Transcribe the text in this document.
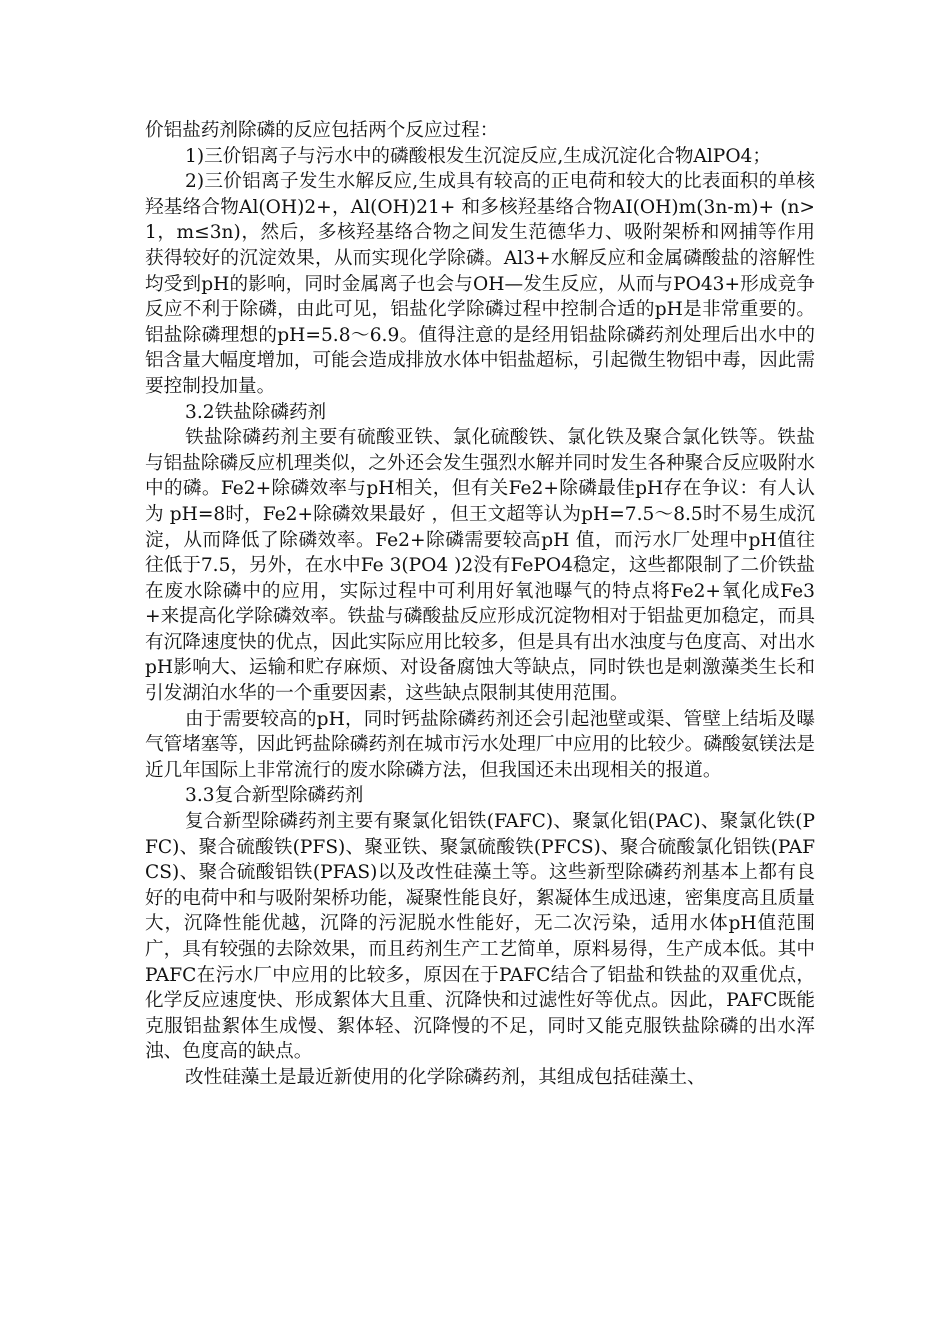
价铝盐药剂除磷的反应包括两个反应过程：

1)三价铝离子与污水中的磷酸根发生沉淀反应,生成沉淀化合物AlPO4；

2)三价铝离子发生水解反应,生成具有较高的正电荷和较大的比表面积的单核羟基络合物Al(OH)2+，Al(OH)21+ 和多核羟基络合物AI(OH)m(3n-m)+ (n>1，m≤3n)，然后，多核羟基络合物之间发生范德华力、吸附架桥和网捕等作用获得较好的沉淀效果，从而实现化学除磷。Al3+水解反应和金属磷酸盐的溶解性均受到pH的影响，同时金属离子也会与OH—发生反应，从而与PO43+形成竞争反应不利于除磷，由此可见，铝盐化学除磷过程中控制合适的pH是非常重要的。铝盐除磷理想的pH=5.8～6.9。值得注意的是经用铝盐除磷药剂处理后出水中的铝含量大幅度增加，可能会造成排放水体中铝盐超标，引起微生物铝中毒，因此需要控制投加量。

3.2铁盐除磷药剂

铁盐除磷药剂主要有硫酸亚铁、氯化硫酸铁、氯化铁及聚合氯化铁等。铁盐与铝盐除磷反应机理类似，之外还会发生强烈水解并同时发生各种聚合反应吸附水中的磷。Fe2+除磷效率与pH相关，但有关Fe2+除磷最佳pH存在争议：有人认为 pH=8时，Fe2+除磷效果最好 ，但王文超等认为pH=7.5～8.5时不易生成沉淀，从而降低了除磷效率。Fe2+除磷需要较高pH 值，而污水厂处理中pH值往往低于7.5，另外，在水中Fe 3(PO4 )2没有FePO4稳定，这些都限制了二价铁盐在废水除磷中的应用，实际过程中可利用好氧池曝气的特点将Fe2+氧化成Fe3+来提高化学除磷效率。铁盐与磷酸盐反应形成沉淀物相对于铝盐更加稳定，而具有沉降速度快的优点，因此实际应用比较多，但是具有出水浊度与色度高、对出水pH影响大、运输和贮存麻烦、对设备腐蚀大等缺点，同时铁也是刺激藻类生长和引发湖泊水华的一个重要因素，这些缺点限制其使用范围。

由于需要较高的pH，同时钙盐除磷药剂还会引起池壁或渠、管壁上结垢及曝气管堵塞等，因此钙盐除磷药剂在城市污水处理厂中应用的比较少。磷酸氨镁法是近几年国际上非常流行的废水除磷方法，但我国还未出现相关的报道。

3.3复合新型除磷药剂

复合新型除磷药剂主要有聚氯化铝铁(FAFC)、聚氯化铝(PAC)、聚氯化铁(PFC)、聚合硫酸铁(PFS)、聚亚铁、聚氯硫酸铁(PFCS)、聚合硫酸氯化铝铁(PAFCS)、聚合硫酸铝铁(PFAS)以及改性硅藻土等。这些新型除磷药剂基本上都有良好的电荷中和与吸附架桥功能，凝聚性能良好，絮凝体生成迅速，密集度高且质量大，沉降性能优越，沉降的污泥脱水性能好，无二次污染，适用水体pH值范围广，具有较强的去除效果，而且药剂生产工艺简单，原料易得，生产成本低。其中PAFC在污水厂中应用的比较多，原因在于PAFC结合了铝盐和铁盐的双重优点，化学反应速度快、形成絮体大且重、沉降快和过滤性好等优点。因此，PAFC既能克服铝盐絮体生成慢、絮体轻、沉降慢的不足，同时又能克服铁盐除磷的出水浑浊、色度高的缺点。

改性硅藻土是最近新使用的化学除磷药剂，其组成包括硅藻土、
